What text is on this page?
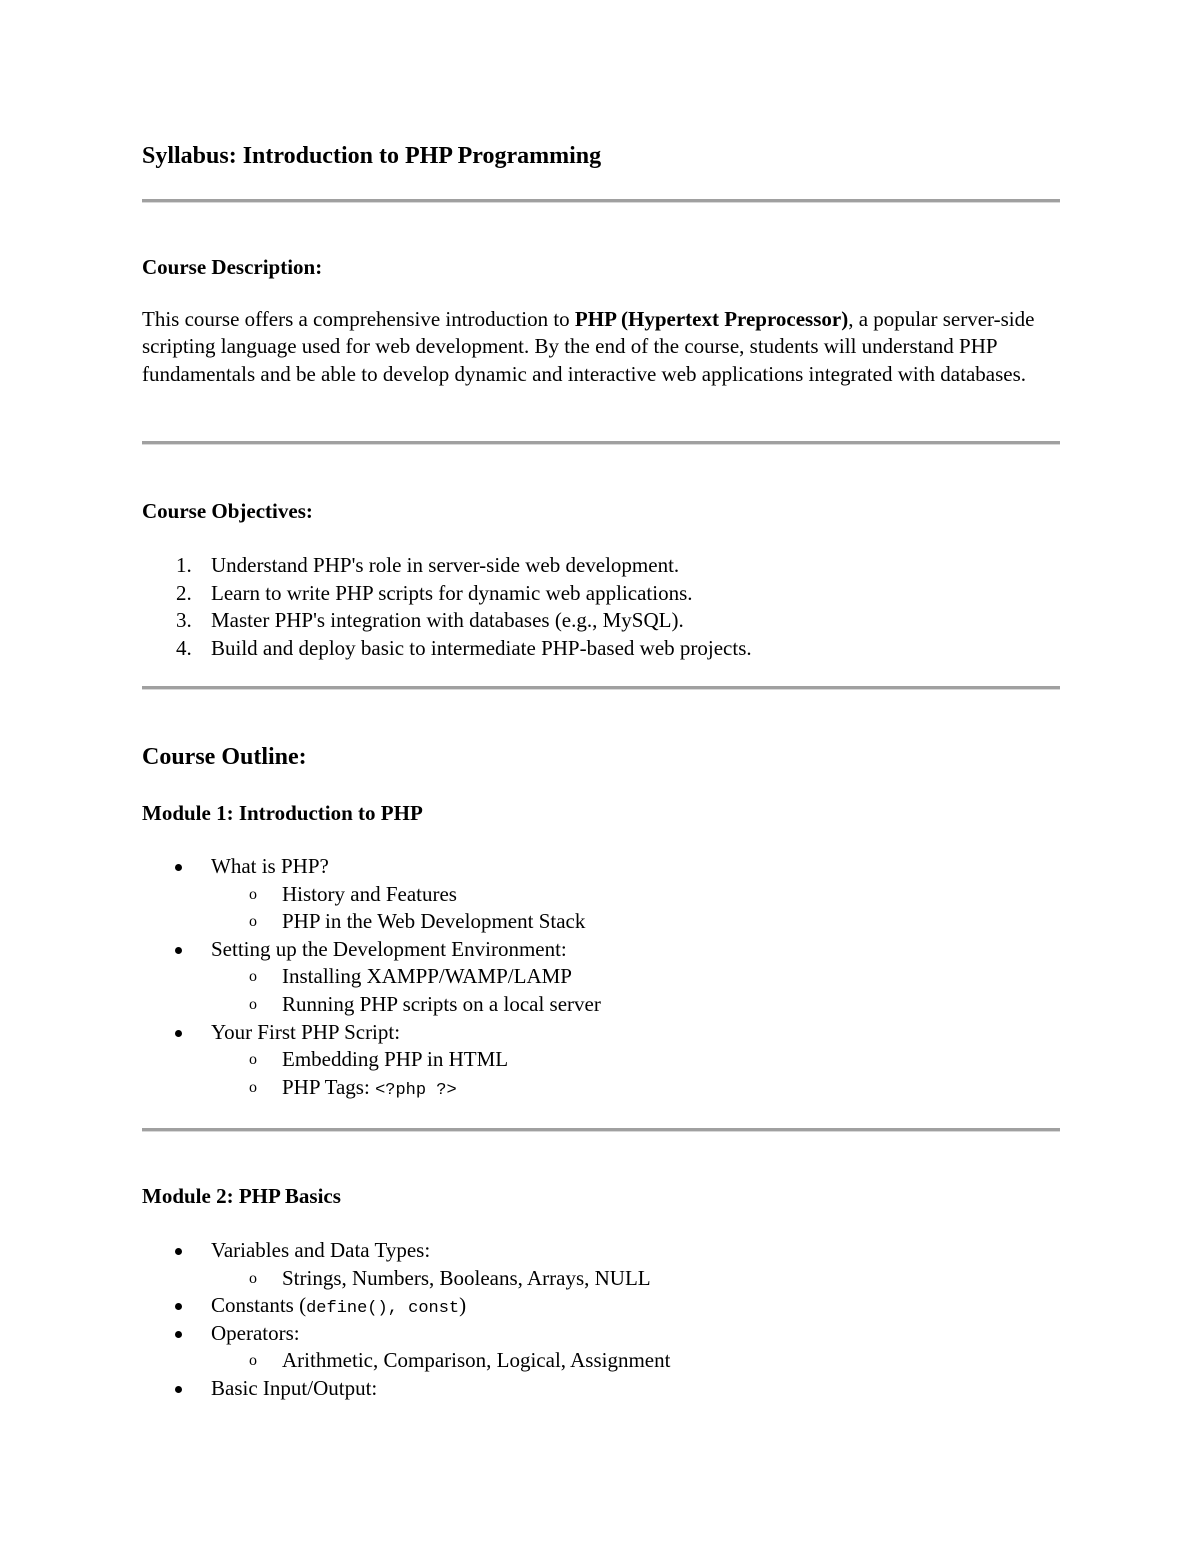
Syllabus: Introduction to PHP Programming
Course Description:

This course offers a comprehensive introduction to PHP (Hypertext Preprocessor), a popular server-side scripting language used for web development. By the end of the course, students will understand PHP fundamentals and be able to develop dynamic and interactive web applications integrated with databases.

Course Objectives:
1. Understand PHP's role in server-side web development.
2. Learn to write PHP scripts for dynamic web applications.
3. Master PHP's integration with databases (e.g., MySQL).
4. Build and deploy basic to intermediate PHP-based web projects.
Course Outline:
Module 1: Introduction to PHP
What is PHP?
o History and Features
o PHP in the Web Development Stack
Setting up the Development Environment:
o Installing XAMPP/WAMP/LAMP
o Running PHP scripts on a local server
Your First PHP Script:
o Embedding PHP in HTML
o PHP Tags: <?php ?>
Module 2: PHP Basics
Variables and Data Types:
o Strings, Numbers, Booleans, Arrays, NULL
Constants (define(), const)
Operators:
o Arithmetic, Comparison, Logical, Assignment
Basic Input/Output:
